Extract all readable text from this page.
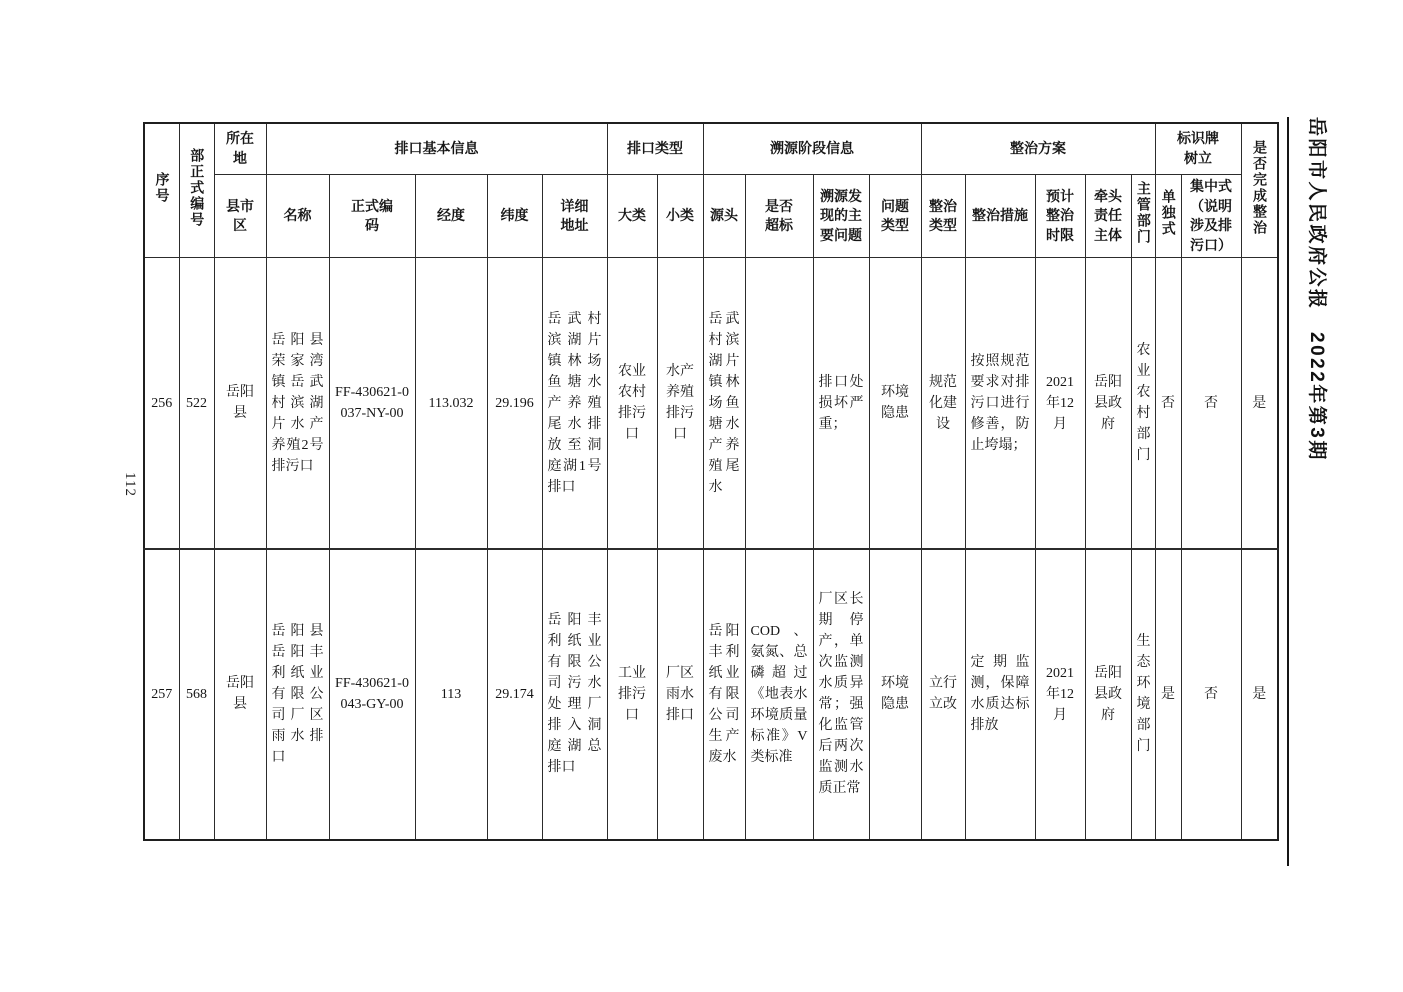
112
序号	部正式编号	所在地	排口基本信息					排口类型		溯源阶段信息				整治方案					标识牌树立		是否完成整治
		县市区	名称	正式编码	经度	纬度	详细地址	大类	小类	源头	是否超标	溯源发现的主要问题	问题类型	整治类型	整治措施	预计整治时限	牵头责任主体	主管部门	单独式	集中式（说明涉及排污口）	
256	522	岳阳县	岳阳县荣家湾镇岳武村滨湖片水产养殖2号排污口	FF-430621-0037-NY-00	113.032	29.196	岳武村滨湖片镇林场鱼塘水产养殖尾水排放至洞庭湖1号排口	农业农村排污口	水产养殖排污口	岳武村滨湖片镇林场鱼塘水产养殖尾水		排口处损坏严重；	环境隐患	规范化建设	按照规范要求对排污口进行修善，防止垮塌；	2021年12月	岳阳县政府	农业农村部门	否	否	是
257	568	岳阳县	岳阳县岳阳丰利纸业有限公司厂区雨水排口	FF-430621-0043-GY-00	113	29.174	岳阳丰利纸业有限公司污水处理厂排入洞庭湖总排口	工业排污口	厂区雨水排口	岳阳丰利纸业有限公司生产废水	COD、氨氮、总磷超过《地表水环境质量标准》V类标准	厂区长期停产，单次监测水质异常；强化监管后两次监测水质正常	环境隐患	立行立改	定期监测，保障水质达标排放	2021年12月	岳阳县政府	生态环境部门	是	否	是
岳阳市人民政府公报　2022年第3期
